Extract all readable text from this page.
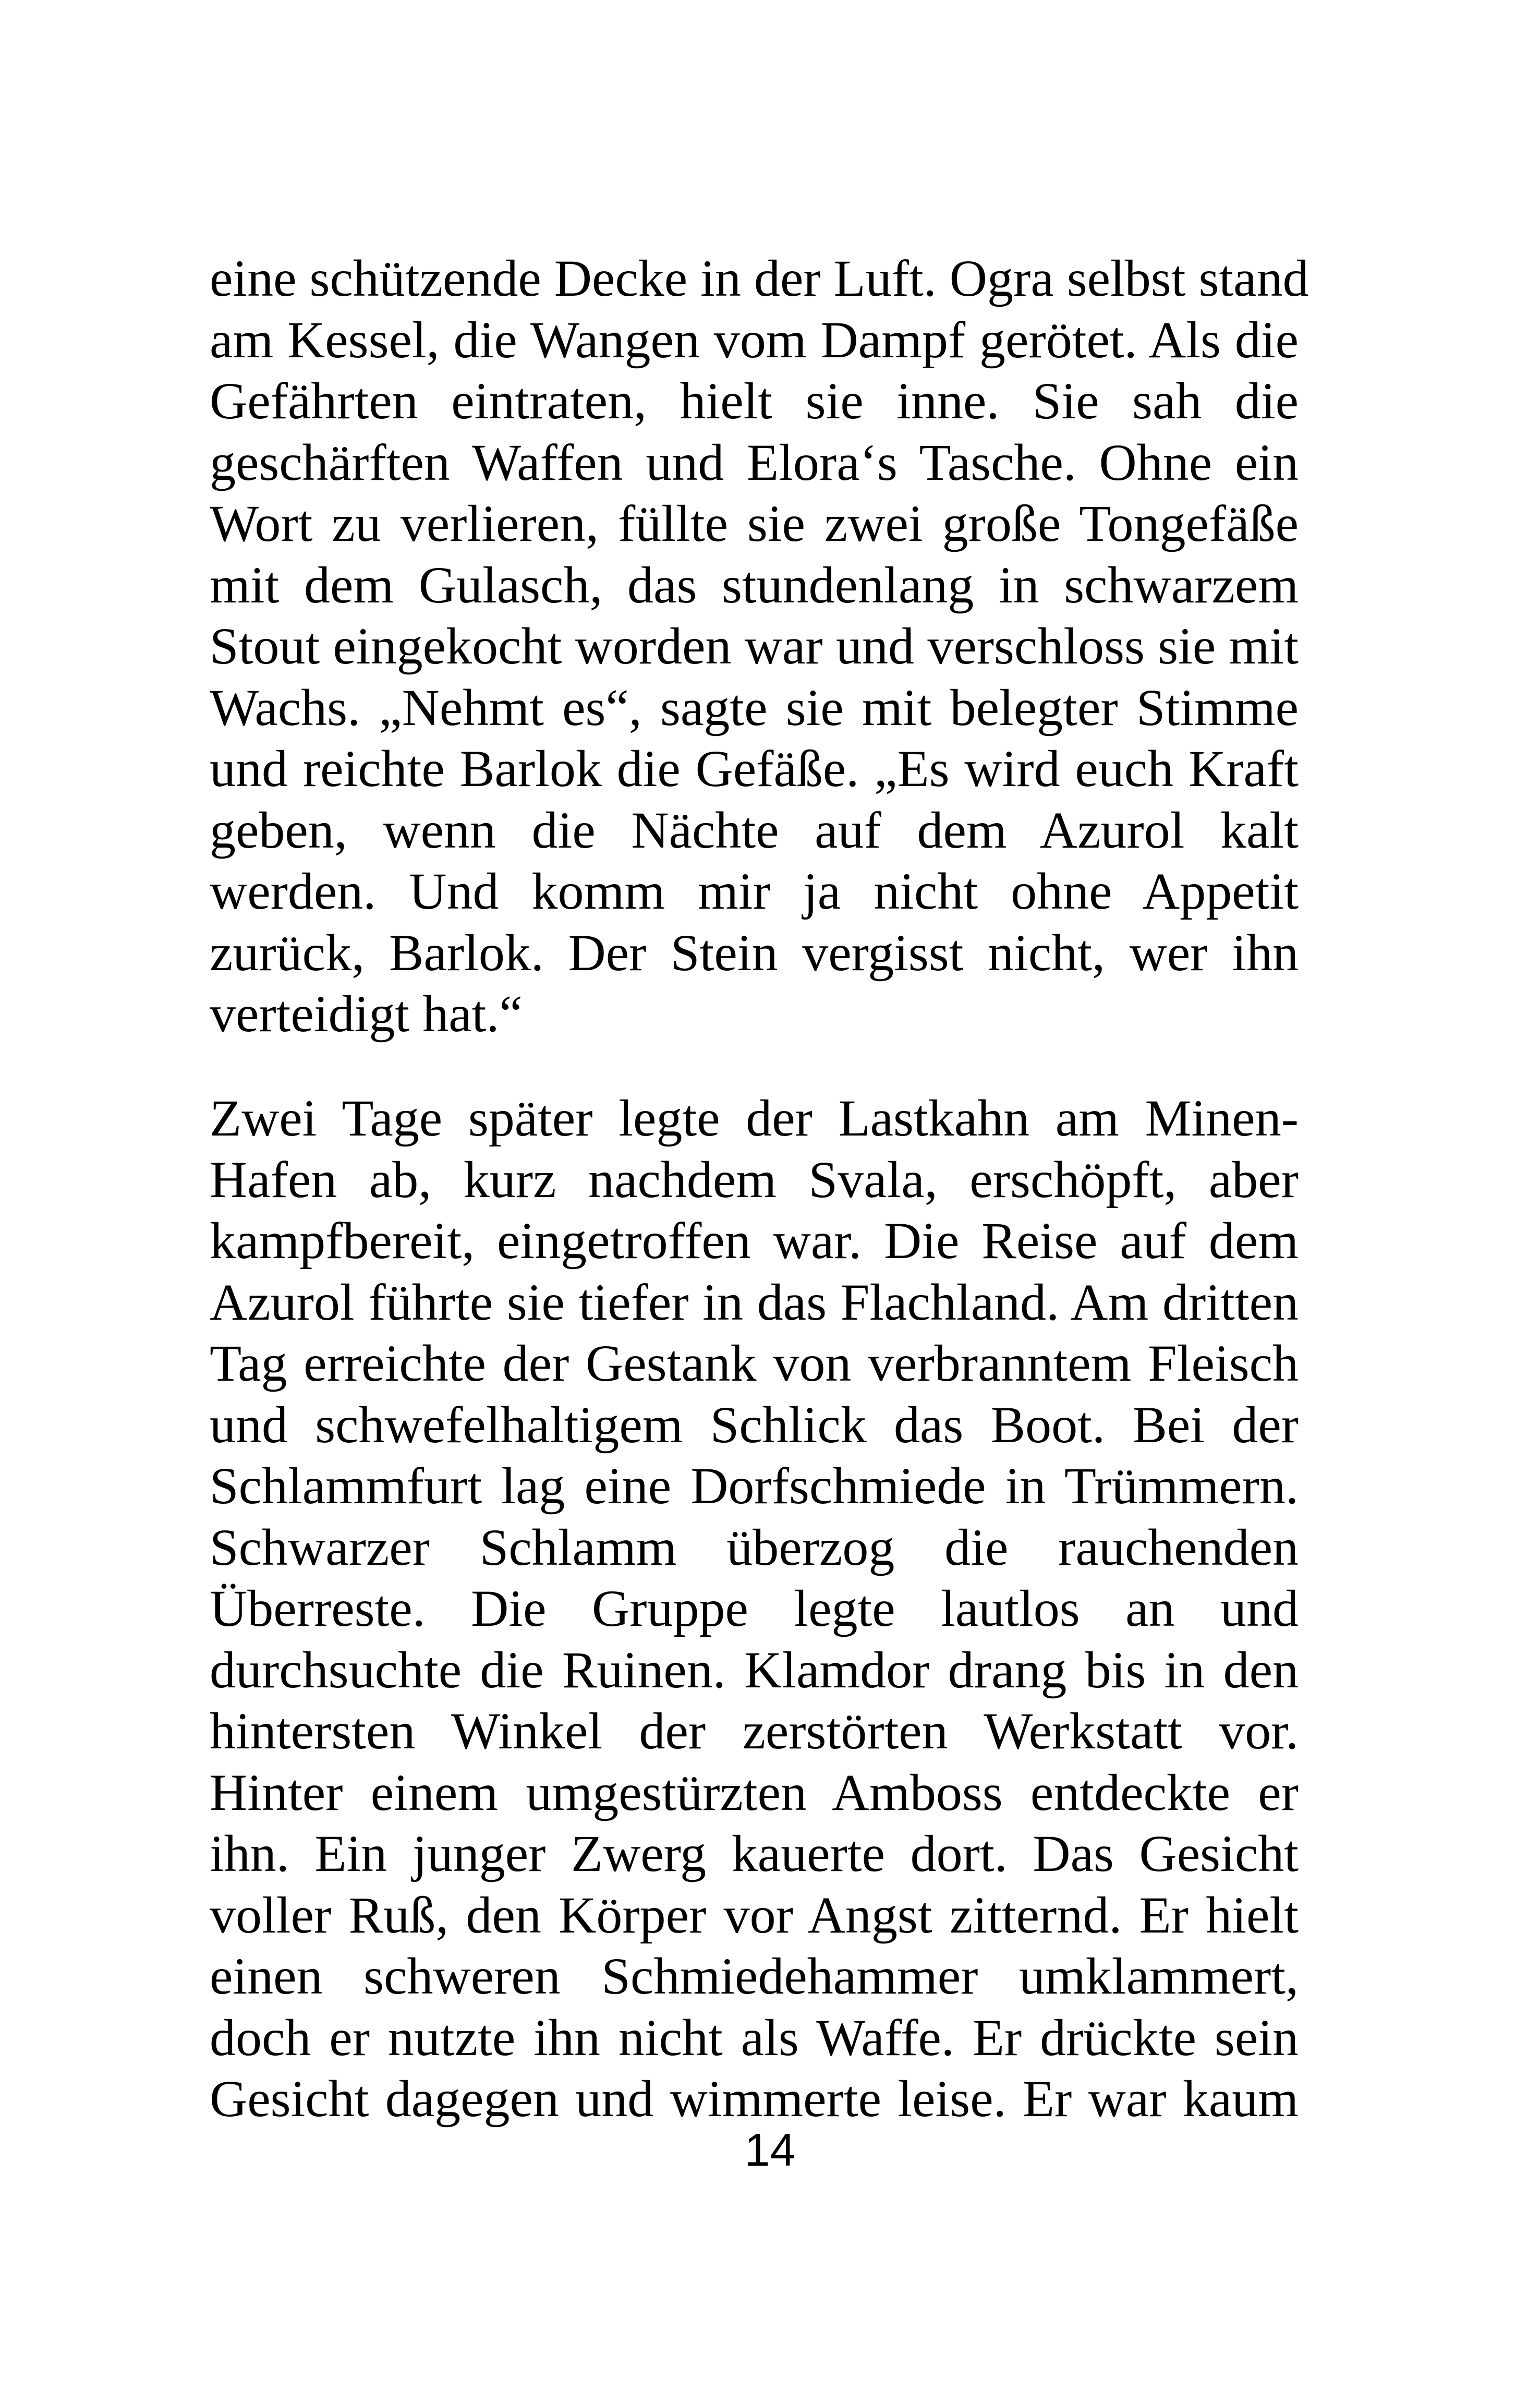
eine schützende Decke in der Luft. Ogra selbst stand
am Kessel, die Wangen vom Dampf gerötet. Als die
Gefährten eintraten, hielt sie inne. Sie sah die
geschärften Waffen und Elora‘s Tasche. Ohne ein
Wort zu verlieren, füllte sie zwei große Tongefäße
mit dem Gulasch, das stundenlang in schwarzem
Stout eingekocht worden war und verschloss sie mit
Wachs. „Nehmt es“, sagte sie mit belegter Stimme
und reichte Barlok die Gefäße. „Es wird euch Kraft
geben, wenn die Nächte auf dem Azurol kalt
werden. Und komm mir ja nicht ohne Appetit
zurück, Barlok. Der Stein vergisst nicht, wer ihn
verteidigt hat.“
Zwei Tage später legte der Lastkahn am Minen-
Hafen ab, kurz nachdem Svala, erschöpft, aber
kampfbereit, eingetroffen war. Die Reise auf dem
Azurol führte sie tiefer in das Flachland. Am dritten
Tag erreichte der Gestank von verbranntem Fleisch
und schwefelhaltigem Schlick das Boot. Bei der
Schlammfurt lag eine Dorfschmiede in Trümmern.
Schwarzer Schlamm überzog die rauchenden
Überreste. Die Gruppe legte lautlos an und
durchsuchte die Ruinen. Klamdor drang bis in den
hintersten Winkel der zerstörten Werkstatt vor.
Hinter einem umgestürzten Amboss entdeckte er
ihn. Ein junger Zwerg kauerte dort. Das Gesicht
voller Ruß, den Körper vor Angst zitternd. Er hielt
einen schweren Schmiedehammer umklammert,
doch er nutzte ihn nicht als Waffe. Er drückte sein
Gesicht dagegen und wimmerte leise. Er war kaum
14
